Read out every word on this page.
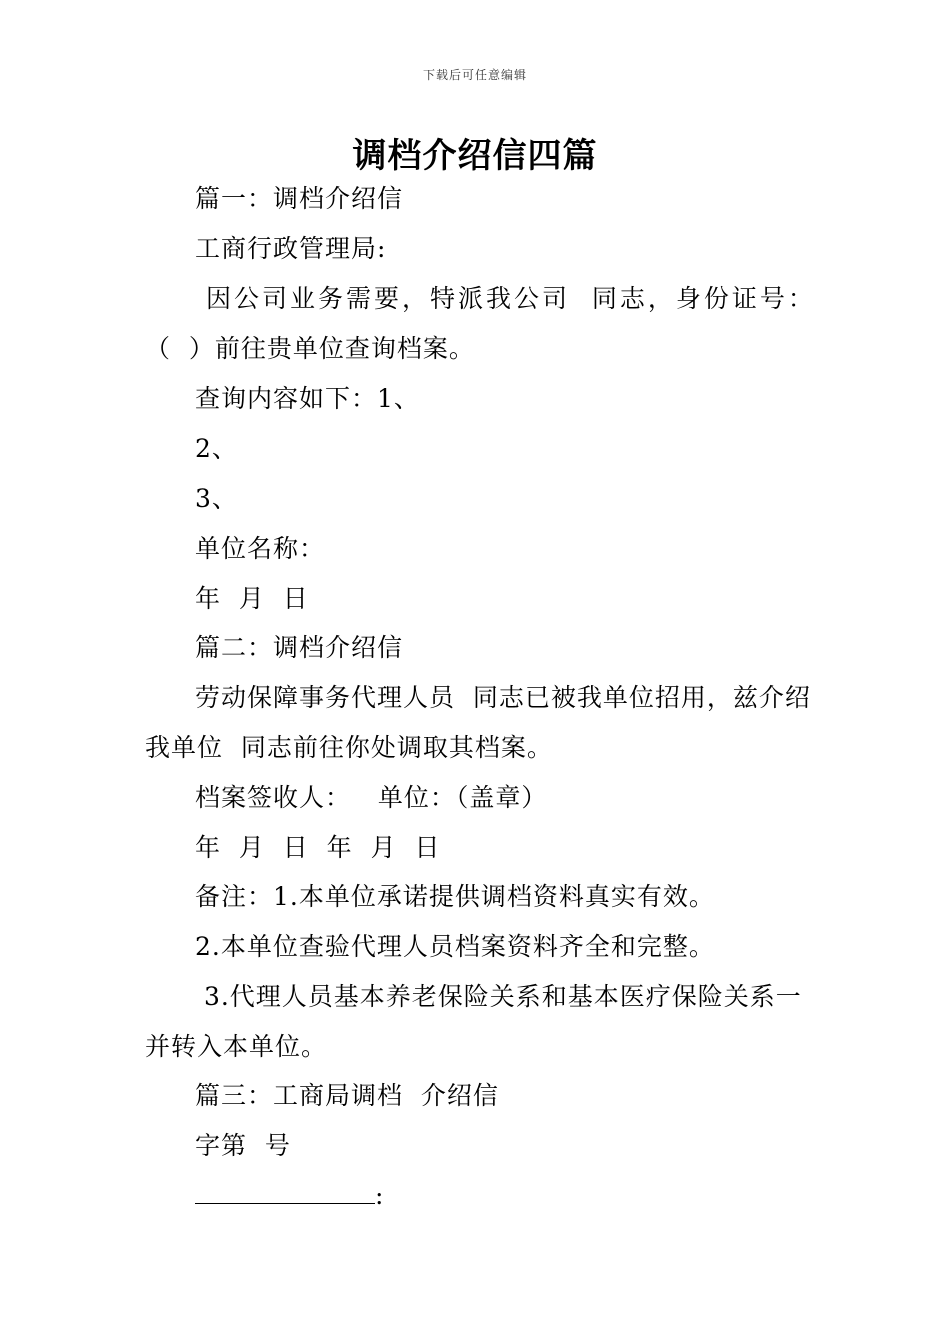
下载后可任意编辑
调档介绍信四篇
篇一：调档介绍信
工商行政管理局:
因公司业务需要，特派我公司  同志，身份证号：
（  ）前往贵单位查询档案。
查询内容如下：1、
2、
3、
单位名称：
年  月  日
篇二：调档介绍信
劳动保障事务代理人员  同志已被我单位招用，兹介绍
我单位  同志前往你处调取其档案。
档案签收人：   单位：（盖章）
年  月  日  年  月  日
备注：1.本单位承诺提供调档资料真实有效。
2.本单位查验代理人员档案资料齐全和完整。
3.代理人员基本养老保险关系和基本医疗保险关系一
并转入本单位。
篇三：工商局调档  介绍信
字第  号
:
